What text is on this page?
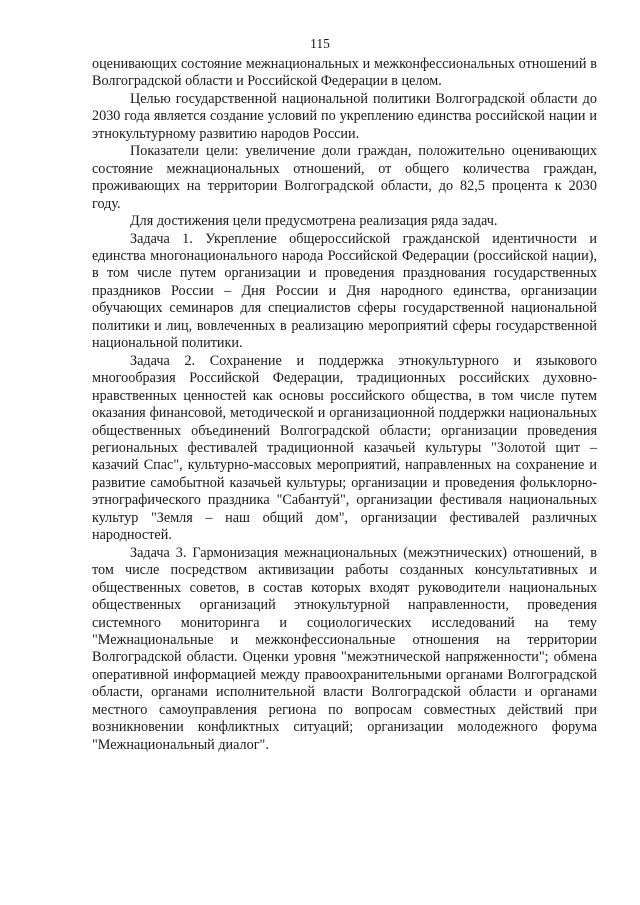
115

оценивающих состояние межнациональных и межконфессиональных отношений в Волгоградской области и Российской Федерации в целом.

Целью государственной национальной политики Волгоградской области до 2030 года является создание условий по укреплению единства российской нации и этнокультурному развитию народов России.

Показатели цели: увеличение доли граждан, положительно оценивающих состояние межнациональных отношений, от общего количества граждан, проживающих на территории Волгоградской области, до 82,5 процента к 2030 году.

Для достижения цели предусмотрена реализация ряда задач.

Задача 1. Укрепление общероссийской гражданской идентичности и единства многонационального народа Российской Федерации (российской нации), в том числе путем организации и проведения празднования государственных праздников России – Дня России и Дня народного единства, организации обучающих семинаров для специалистов сферы государственной национальной политики и лиц, вовлеченных в реализацию мероприятий сферы государственной национальной политики.

Задача 2. Сохранение и поддержка этнокультурного и языкового многообразия Российской Федерации, традиционных российских духовно-нравственных ценностей как основы российского общества, в том числе путем оказания финансовой, методической и организационной поддержки национальных общественных объединений Волгоградской области; организации проведения региональных фестивалей традиционной казачьей культуры "Золотой щит – казачий Спас", культурно-массовых мероприятий, направленных на сохранение и развитие самобытной казачьей культуры; организации и проведения фольклорно-этнографического праздника "Сабантуй", организации фестиваля национальных культур "Земля – наш общий дом", организации фестивалей различных народностей.

Задача 3. Гармонизация межнациональных (межэтнических) отношений, в том числе посредством активизации работы созданных консультативных и общественных советов, в состав которых входят руководители национальных общественных организаций этнокультурной направленности, проведения системного мониторинга и социологических исследований на тему "Межнациональные и межконфессиональные отношения на территории Волгоградской области. Оценки уровня "межэтнической напряженности"; обмена оперативной информацией между правоохранительными органами Волгоградской области, органами исполнительной власти Волгоградской области и органами местного самоуправления региона по вопросам совместных действий при возникновении конфликтных ситуаций; организации молодежного форума "Межнациональный диалог".
